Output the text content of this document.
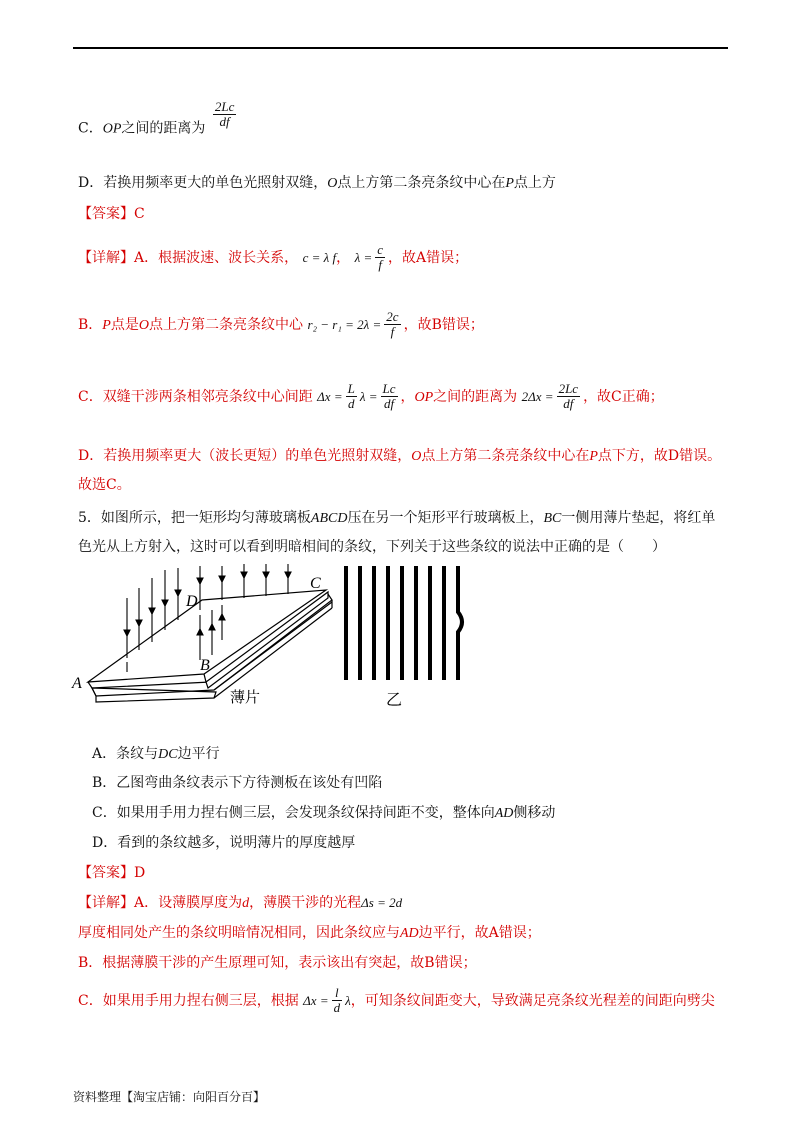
C．OP之间的距离为 $\frac{2Lc}{df}$
D．若换用频率更大的单色光照射双缝，O点上方第二条亮条纹中心在P点上方
【答案】C
【详解】A．根据波速、波长关系， c = λ f， $\lambda = \frac{c}{f}$ ，故A错误；
B．P点是O点上方第二条亮条纹中心 $r_2 - r_1 = 2\lambda = \frac{2c}{f}$ ，故B错误；
C．双缝干涉两条相邻亮条纹中心间距 $\Delta x = \frac{L}{d}$ $\lambda = \frac{Lc}{df}$ ，OP之间的距离为 $2\Delta x = \frac{2Lc}{df}$ ，故C正确；
D．若换用频率更大（波长更短）的单色光照射双缝，O点上方第二条亮条纹中心在P点下方，故D错误。
故选C。
5．如图所示，把一矩形均匀薄玻璃板ABCD压在另一个矩形平行玻璃板上，BC一侧用薄片垫起，将红单
色光从上方射入，这时可以看到明暗相间的条纹，下列关于这些条纹的说法中正确的是（　　）
A
B
C
D
薄片	乙
A．条纹与DC边平行
B．乙图弯曲条纹表示下方待测板在该处有凹陷
C．如果用手用力捏右侧三层，会发现条纹保持间距不变，整体向AD侧移动
D．看到的条纹越多，说明薄片的厚度越厚
【答案】D
【详解】A．设薄膜厚度为d，薄膜干涉的光程Δs = 2d
厚度相同处产生的条纹明暗情况相同，因此条纹应与AD边平行，故A错误；
B．根据薄膜干涉的产生原理可知，表示该出有突起，故B错误；
C．如果用手用力捏右侧三层，根据 $\Delta x = \frac{l}{d}$ λ，可知条纹间距变大，导致满足亮条纹光程差的间距向劈尖
资料整理【淘宝店铺：向阳百分百】
